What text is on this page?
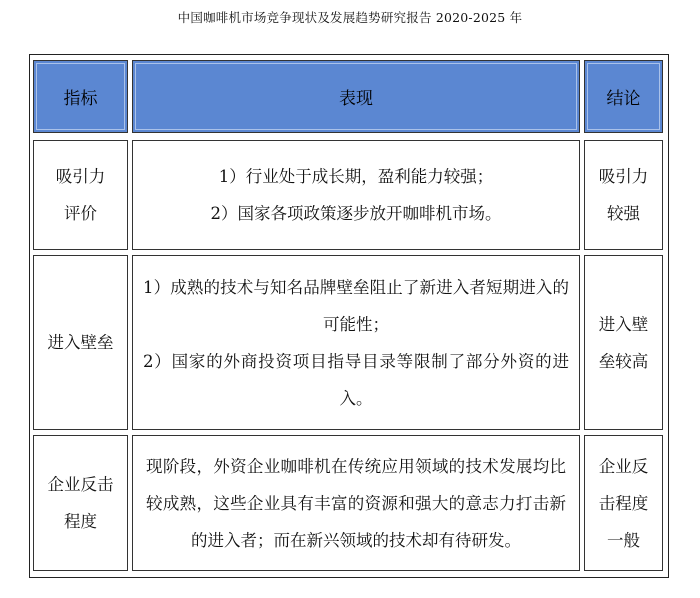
中国咖啡机市场竞争现状及发展趋势研究报告 2020-2025 年
指标	表现	结论
吸引力评价
1）行业处于成长期，盈利能力较强；
2）国家各项政策逐步放开咖啡机市场。
吸引力较强
进入壁垒
1）成熟的技术与知名品牌壁垒阻止了新进入者短期进入的可能性；
2）国家的外商投资项目指导目录等限制了部分外资的进入。
进入壁垒较高
企业反击程度
现阶段，外资企业咖啡机在传统应用领域的技术发展均比较成熟，这些企业具有丰富的资源和强大的意志力打击新的进入者；而在新兴领域的技术却有待研发。
企业反击程度一般
